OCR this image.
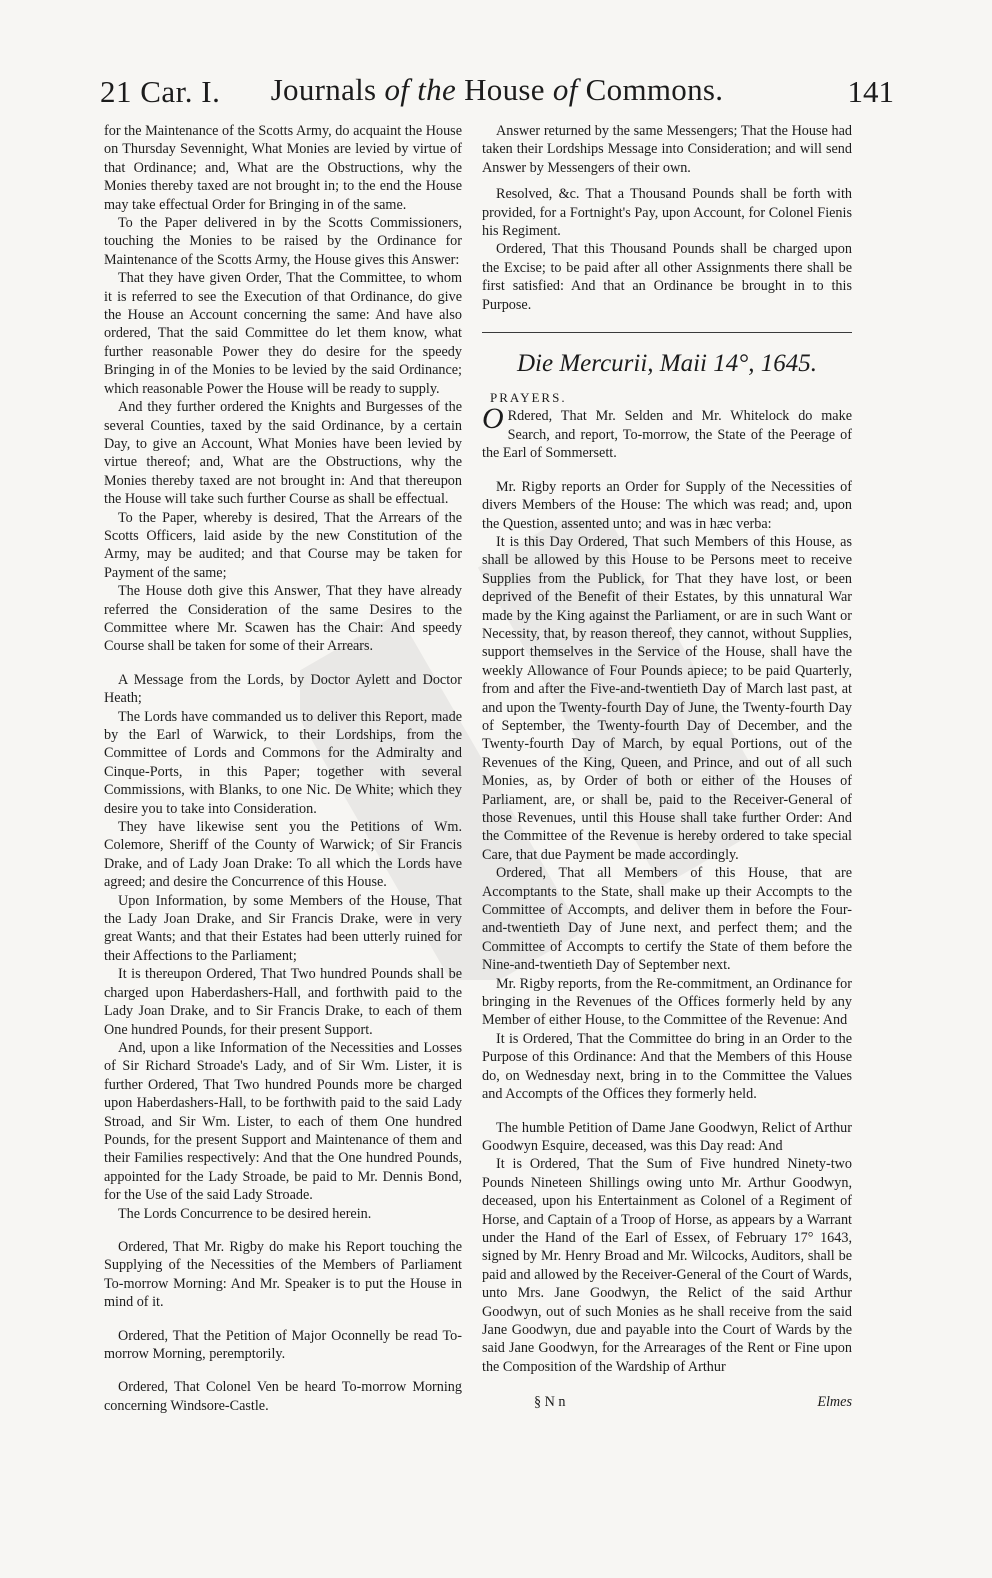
21 Car. I.	Journals of the House of Commons.	141

for the Maintenance of the Scotts Army, do acquaint the House on Thursday Sevennight, What Monies are levied by virtue of that Ordinance; and, What are the Obstructions, why the Monies thereby taxed are not brought in; to the end the House may take effectual Order for Bringing in of the same.

To the Paper delivered in by the Scotts Commissioners, touching the Monies to be raised by the Ordinance for Maintenance of the Scotts Army, the House gives this Answer:

That they have given Order, That the Committee, to whom it is referred to see the Execution of that Ordinance, do give the House an Account concerning the same: And have also ordered, That the said Committee do let them know, what further reasonable Power they do desire for the speedy Bringing in of the Monies to be levied by the said Ordinance; which reasonable Power the House will be ready to supply.

And they further ordered the Knights and Burgesses of the several Counties, taxed by the said Ordinance, by a certain Day, to give an Account, What Monies have been levied by virtue thereof; and, What are the Obstructions, why the Monies thereby taxed are not brought in: And that thereupon the House will take such further Course as shall be effectual.

To the Paper, whereby is desired, That the Arrears of the Scotts Officers, laid aside by the new Constitution of the Army, may be audited; and that Course may be taken for Payment of the same;

The House doth give this Answer, That they have already referred the Consideration of the same Desires to the Committee where Mr. Scawen has the Chair: And speedy Course shall be taken for some of their Arrears.

A Message from the Lords, by Doctor Aylett and Doctor Heath;

The Lords have commanded us to deliver this Report, made by the Earl of Warwick, to their Lordships, from the Committee of Lords and Commons for the Admiralty and Cinque-Ports, in this Paper; together with several Commissions, with Blanks, to one Nic. De White; which they desire you to take into Consideration.

They have likewise sent you the Petitions of Wm. Colemore, Sheriff of the County of Warwick; of Sir Francis Drake, and of Lady Joan Drake: To all which the Lords have agreed; and desire the Concurrence of this House.

Upon Information, by some Members of the House, That the Lady Joan Drake, and Sir Francis Drake, were in very great Wants; and that their Estates had been utterly ruined for their Affections to the Parliament;

It is thereupon Ordered, That Two hundred Pounds shall be charged upon Haberdashers-Hall, and forthwith paid to the Lady Joan Drake, and to Sir Francis Drake, to each of them One hundred Pounds, for their present Support.

And, upon a like Information of the Necessities and Losses of Sir Richard Stroade's Lady, and of Sir Wm. Lister, it is further Ordered, That Two hundred Pounds more be charged upon Haberdashers-Hall, to be forthwith paid to the said Lady Stroad, and Sir Wm. Lister, to each of them One hundred Pounds, for the present Support and Maintenance of them and their Families respectively: And that the One hundred Pounds, appointed for the Lady Stroade, be paid to Mr. Dennis Bond, for the Use of the said Lady Stroade.

The Lords Concurrence to be desired herein.

Ordered, That Mr. Rigby do make his Report touching the Supplying of the Necessities of the Members of Parliament To-morrow Morning: And Mr. Speaker is to put the House in mind of it.

Ordered, That the Petition of Major Oconnelly be read To-morrow Morning, peremptorily.

Ordered, That Colonel Ven be heard To-morrow Morning concerning Windsore-Castle.

Answer returned by the same Messengers; That the House had taken their Lordships Message into Consideration; and will send Answer by Messengers of their own.

Resolved, &c. That a Thousand Pounds shall be forth with provided, for a Fortnight's Pay, upon Account, for Colonel Fienis his Regiment.

Ordered, That this Thousand Pounds shall be charged upon the Excise; to be paid after all other Assignments there shall be first satisfied: And that an Ordinance be brought in to this Purpose.

Die Mercurii, Maii 14°, 1645.
PRAYERS.

O Rdered, That Mr. Selden and Mr. Whitelock do make Search, and report, To-morrow, the State of the Peerage of the Earl of Sommersett.

Mr. Rigby reports an Order for Supply of the Necessities of divers Members of the House: The which was read; and, upon the Question, assented unto; and was in hæc verba:

It is this Day Ordered, That such Members of this House, as shall be allowed by this House to be Persons meet to receive Supplies from the Publick, for That they have lost, or been deprived of the Benefit of their Estates, by this unnatural War made by the King against the Parliament, or are in such Want or Necessity, that, by reason thereof, they cannot, without Supplies, support themselves in the Service of the House, shall have the weekly Allowance of Four Pounds apiece; to be paid Quarterly, from and after the Five-and-twentieth Day of March last past, at and upon the Twenty-fourth Day of June, the Twenty-fourth Day of September, the Twenty-fourth Day of December, and the Twenty-fourth Day of March, by equal Portions, out of the Revenues of the King, Queen, and Prince, and out of all such Monies, as, by Order of both or either of the Houses of Parliament, are, or shall be, paid to the Receiver-General of those Revenues, until this House shall take further Order: And the Committee of the Revenue is hereby ordered to take special Care, that due Payment be made accordingly.

Ordered, That all Members of this House, that are Accomptants to the State, shall make up their Accompts to the Committee of Accompts, and deliver them in before the Four-and-twentieth Day of June next, and perfect them; and the Committee of Accompts to certify the State of them before the Nine-and-twentieth Day of September next.

Mr. Rigby reports, from the Re-commitment, an Ordinance for bringing in the Revenues of the Offices formerly held by any Member of either House, to the Committee of the Revenue: And

It is Ordered, That the Committee do bring in an Order to the Purpose of this Ordinance: And that the Members of this House do, on Wednesday next, bring in to the Committee the Values and Accompts of the Offices they formerly held.

The humble Petition of Dame Jane Goodwyn, Relict of Arthur Goodwyn Esquire, deceased, was this Day read: And

It is Ordered, That the Sum of Five hundred Ninety-two Pounds Nineteen Shillings owing unto Mr. Arthur Goodwyn, deceased, upon his Entertainment as Colonel of a Regiment of Horse, and Captain of a Troop of Horse, as appears by a Warrant under the Hand of the Earl of Essex, of February 17° 1643, signed by Mr. Henry Broad and Mr. Wilcocks, Auditors, shall be paid and allowed by the Receiver-General of the Court of Wards, unto Mrs. Jane Goodwyn, the Relict of the said Arthur Goodwyn, out of such Monies as he shall receive from the said Jane Goodwyn, due and payable into the Court of Wards by the said Jane Goodwyn, for the Arrearages of the Rent or Fine upon the Composition of the Wardship of Arthur

§ N n	Elmes
